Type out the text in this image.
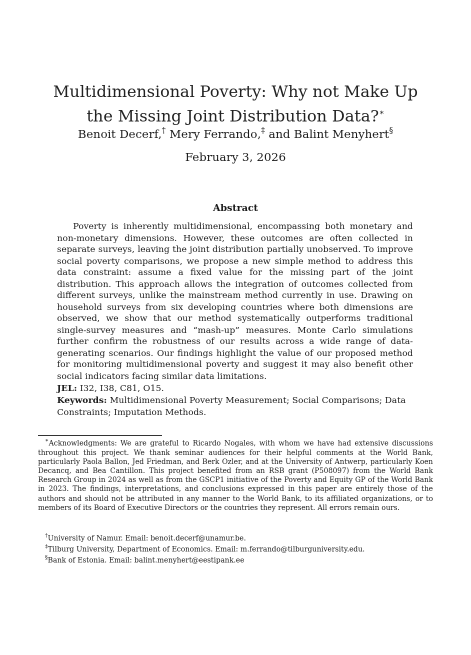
Multidimensional Poverty: Why not Make Up the Missing Joint Distribution Data?∗
Benoit Decerf,† Mery Ferrando,‡ and Balint Menyhert§
February 3, 2026
Abstract

Poverty is inherently multidimensional, encompassing both monetary and non-monetary dimensions. However, these outcomes are often collected in separate surveys, leaving the joint distribution partially unobserved. To improve social poverty comparisons, we propose a new simple method to address this data constraint: assume a fixed value for the missing part of the joint distribution. This approach allows the integration of outcomes collected from different surveys, unlike the mainstream method currently in use. Drawing on household surveys from six developing countries where both dimensions are observed, we show that our method systematically outperforms traditional single-survey measures and “mash-up” measures. Monte Carlo simulations further confirm the robustness of our results across a wide range of data-generating scenarios. Our findings highlight the value of our proposed method for monitoring multidimensional poverty and suggest it may also benefit other social indicators facing similar data limitations.

JEL: I32, I38, C81, O15.

Keywords: Multidimensional Poverty Measurement; Social Comparisons; Data Constraints; Imputation Methods.

∗Acknowledgments: We are grateful to Ricardo Nogales, with whom we have had extensive discussions throughout this project. We thank seminar audiences for their helpful comments at the World Bank, particularly Paola Ballon, Jed Friedman, and Berk Ozler, and at the University of Antwerp, particularly Koen Decancq, and Bea Cantillon. This project benefited from an RSB grant (P508097) from the World Bank Research Group in 2024 as well as from the GSCP1 initiative of the Poverty and Equity GP of the World Bank in 2023. The findings, interpretations, and conclusions expressed in this paper are entirely those of the authors and should not be attributed in any manner to the World Bank, to its affiliated organizations, or to members of its Board of Executive Directors or the countries they represent. All errors remain ours.

†University of Namur. Email: benoit.decerf@unamur.be.

‡Tilburg University, Department of Economics. Email: m.ferrando@tilburguniversity.edu.

§Bank of Estonia. Email: balint.menyhert@eestipank.ee
